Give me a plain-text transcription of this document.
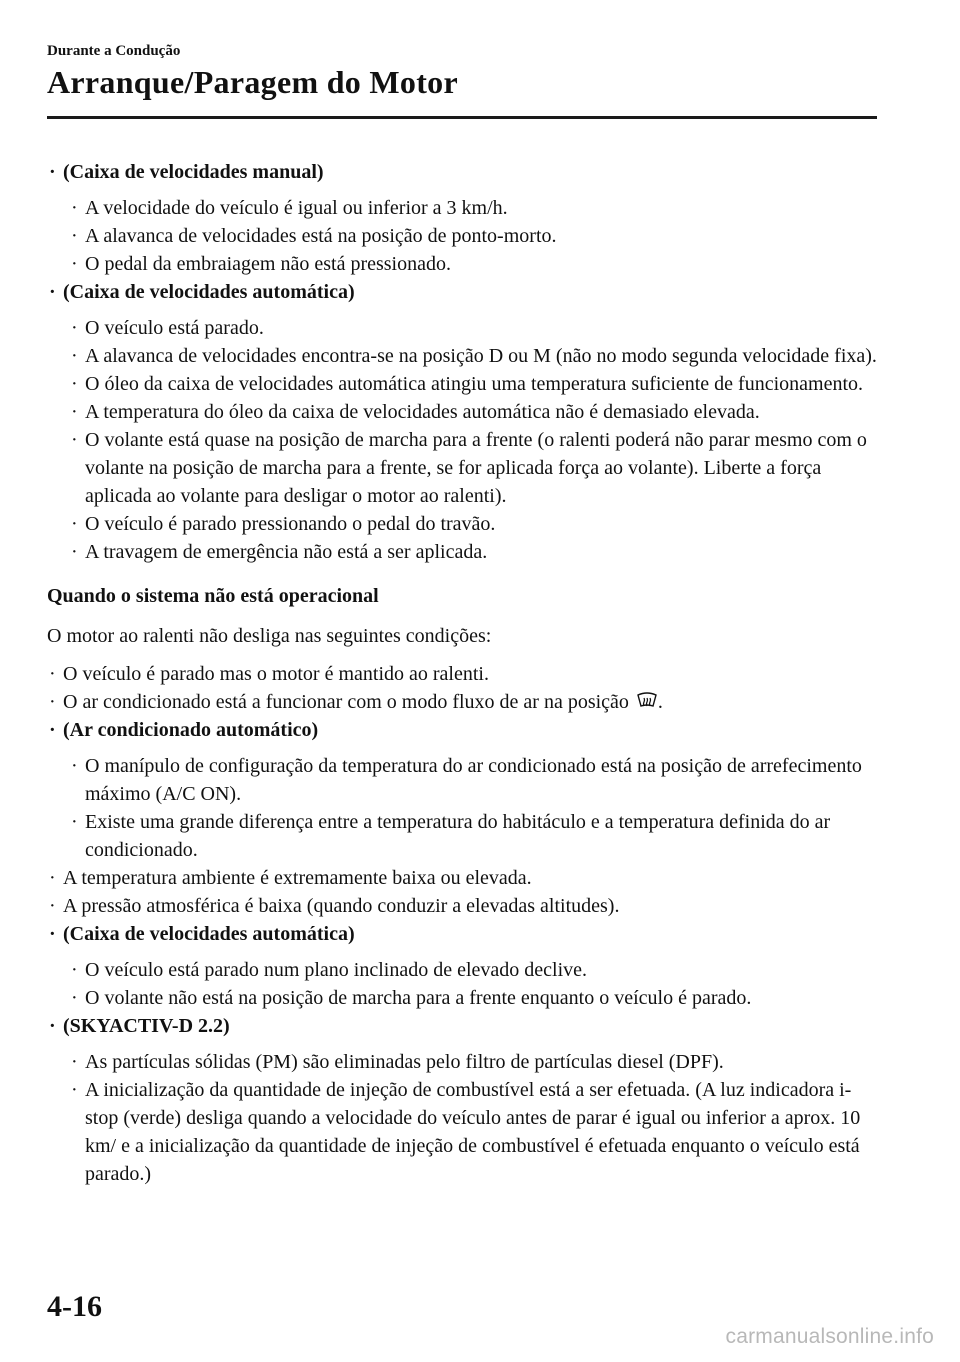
Durante a Condução
Arranque/Paragem do Motor
· (Caixa de velocidades manual)
· A velocidade do veículo é igual ou inferior a 3 km/h.
· A alavanca de velocidades está na posição de ponto-morto.
· O pedal da embraiagem não está pressionado.
· (Caixa de velocidades automática)
· O veículo está parado.
· A alavanca de velocidades encontra-se na posição D ou M (não no modo segunda velocidade fixa).
· O óleo da caixa de velocidades automática atingiu uma temperatura suficiente de funcionamento.
· A temperatura do óleo da caixa de velocidades automática não é demasiado elevada.
· O volante está quase na posição de marcha para a frente (o ralenti poderá não parar mesmo com o volante na posição de marcha para a frente, se for aplicada força ao volante). Liberte a força aplicada ao volante para desligar o motor ao ralenti).
· O veículo é parado pressionando o pedal do travão.
· A travagem de emergência não está a ser aplicada.
Quando o sistema não está operacional
O motor ao ralenti não desliga nas seguintes condições:
· O veículo é parado mas o motor é mantido ao ralenti.
· O ar condicionado está a funcionar com o modo fluxo de ar na posição .
· (Ar condicionado automático)
· O manípulo de configuração da temperatura do ar condicionado está na posição de arrefecimento máximo (A/C ON).
· Existe uma grande diferença entre a temperatura do habitáculo e a temperatura definida do ar condicionado.
· A temperatura ambiente é extremamente baixa ou elevada.
· A pressão atmosférica é baixa (quando conduzir a elevadas altitudes).
· (Caixa de velocidades automática)
· O veículo está parado num plano inclinado de elevado declive.
· O volante não está na posição de marcha para a frente enquanto o veículo é parado.
· (SKYACTIV-D 2.2)
· As partículas sólidas (PM) são eliminadas pelo filtro de partículas diesel (DPF).
· A inicialização da quantidade de injeção de combustível está a ser efetuada. (A luz indicadora i-stop (verde) desliga quando a velocidade do veículo antes de parar é igual ou inferior a aprox. 10 km/ e a inicialização da quantidade de injeção de combustível é efetuada enquanto o veículo está parado.)
4-16
carmanualsonline.info
